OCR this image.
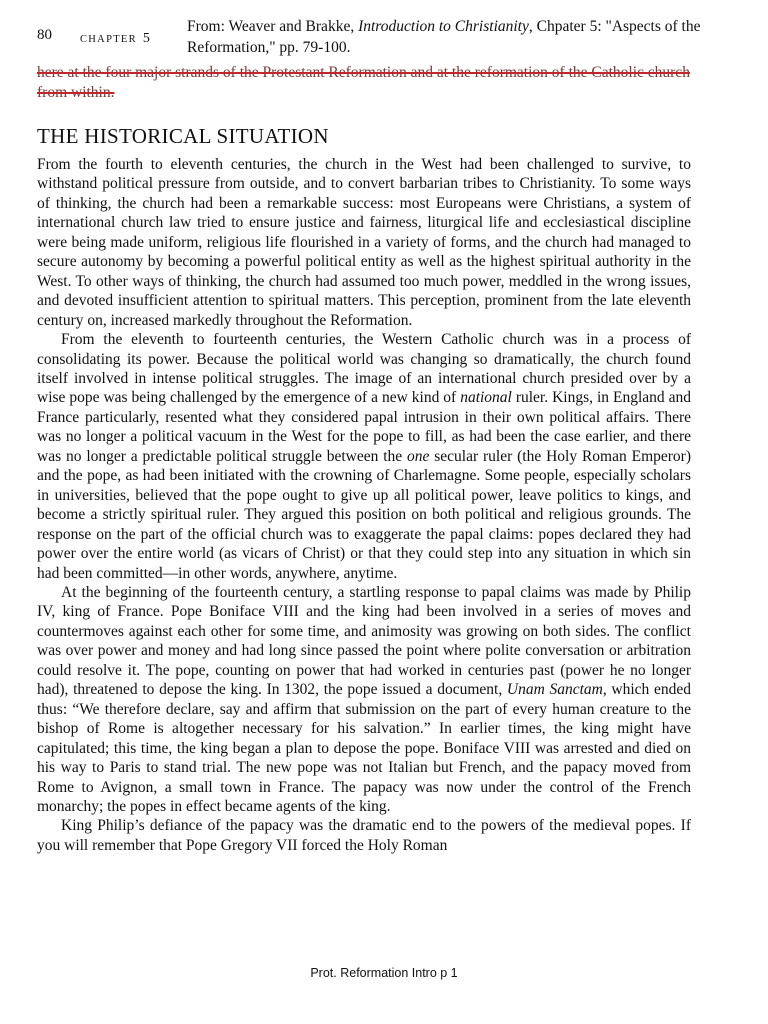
80	CHAPTER 5
From: Weaver and Brakke, Introduction to Christianity, Chpater 5: "Aspects of the Reformation," pp. 79-100.
here at the four major strands of the Protestant Reformation and at the reformation of the Catholic church from within.
THE HISTORICAL SITUATION

From the fourth to eleventh centuries, the church in the West had been challenged to survive, to withstand political pressure from outside, and to convert barbarian tribes to Christianity. To some ways of thinking, the church had been a remarkable success: most Europeans were Christians, a system of international church law tried to ensure justice and fairness, liturgical life and ecclesiastical discipline were being made uniform, religious life flourished in a variety of forms, and the church had managed to secure autonomy by becoming a powerful political entity as well as the highest spiritual authority in the West. To other ways of thinking, the church had assumed too much power, meddled in the wrong issues, and devoted insufficient attention to spiritual matters. This perception, prominent from the late eleventh century on, increased markedly throughout the Reformation.

From the eleventh to fourteenth centuries, the Western Catholic church was in a process of consolidating its power. Because the political world was changing so dramatically, the church found itself involved in intense political struggles. The image of an international church presided over by a wise pope was being challenged by the emergence of a new kind of national ruler. Kings, in England and France particularly, resented what they considered papal intrusion in their own political affairs. There was no longer a political vacuum in the West for the pope to fill, as had been the case earlier, and there was no longer a predictable political struggle between the one secular ruler (the Holy Roman Emperor) and the pope, as had been initiated with the crowning of Charlemagne. Some people, especially scholars in universities, believed that the pope ought to give up all political power, leave politics to kings, and become a strictly spiritual ruler. They argued this position on both political and religious grounds. The response on the part of the official church was to exaggerate the papal claims: popes declared they had power over the entire world (as vicars of Christ) or that they could step into any situation in which sin had been committed—in other words, anywhere, anytime.

At the beginning of the fourteenth century, a startling response to papal claims was made by Philip IV, king of France. Pope Boniface VIII and the king had been involved in a series of moves and countermoves against each other for some time, and animosity was growing on both sides. The conflict was over power and money and had long since passed the point where polite conversation or arbitration could resolve it. The pope, counting on power that had worked in centuries past (power he no longer had), threatened to depose the king. In 1302, the pope issued a document, Unam Sanctam, which ended thus: “We therefore declare, say and affirm that submission on the part of every human creature to the bishop of Rome is altogether necessary for his salvation.” In earlier times, the king might have capitulated; this time, the king began a plan to depose the pope. Boniface VIII was arrested and died on his way to Paris to stand trial. The new pope was not Italian but French, and the papacy moved from Rome to Avignon, a small town in France. The papacy was now under the control of the French monarchy; the popes in effect became agents of the king.

King Philip’s defiance of the papacy was the dramatic end to the powers of the medieval popes. If you will remember that Pope Gregory VII forced the Holy Roman

Prot. Reformation Intro p 1
